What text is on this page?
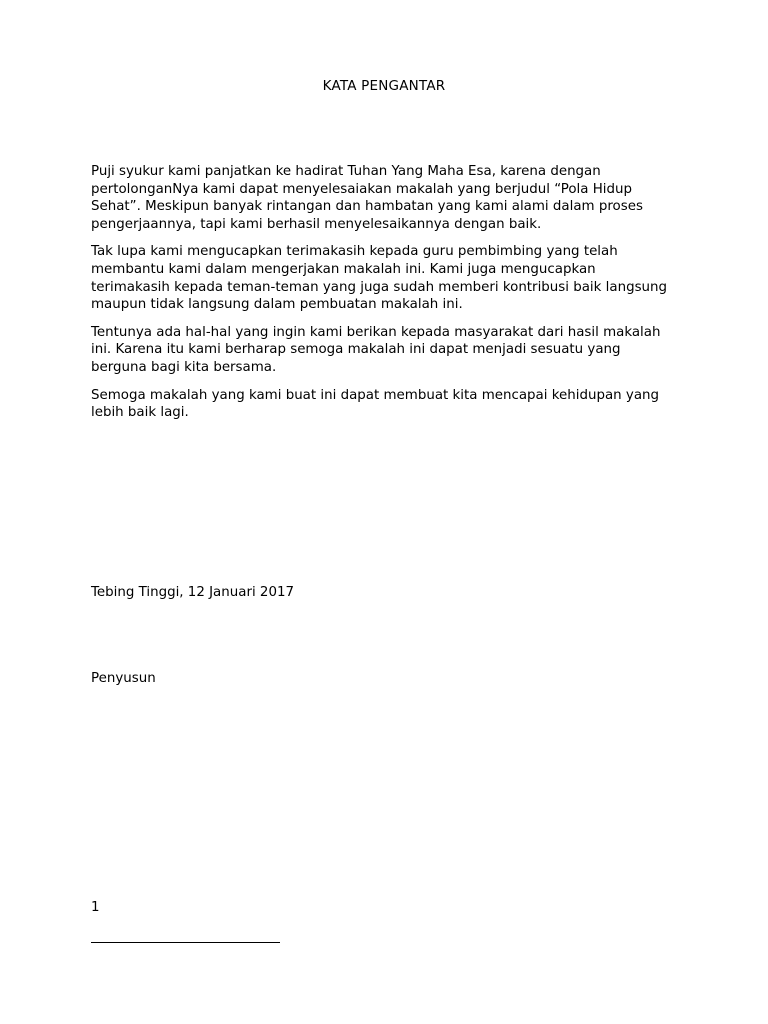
KATA PENGANTAR

Puji syukur kami panjatkan ke hadirat Tuhan Yang Maha Esa, karena dengan pertolonganNya kami dapat menyelesaiakan makalah yang berjudul “Pola Hidup Sehat”. Meskipun banyak rintangan dan hambatan yang kami alami dalam proses pengerjaannya, tapi kami berhasil menyelesaikannya dengan baik.

Tak lupa kami mengucapkan terimakasih kepada guru pembimbing yang telah membantu kami dalam mengerjakan makalah ini. Kami juga mengucapkan terimakasih kepada teman-teman yang juga sudah memberi kontribusi baik langsung maupun tidak langsung dalam pembuatan makalah ini.

Tentunya ada hal-hal yang ingin kami berikan kepada masyarakat dari hasil makalah ini. Karena itu kami berharap semoga makalah ini dapat menjadi sesuatu yang berguna bagi kita bersama.

Semoga makalah yang kami buat ini dapat membuat kita mencapai kehidupan yang lebih baik lagi.

Tebing Tinggi, 12 Januari 2017
Penyusun
1
